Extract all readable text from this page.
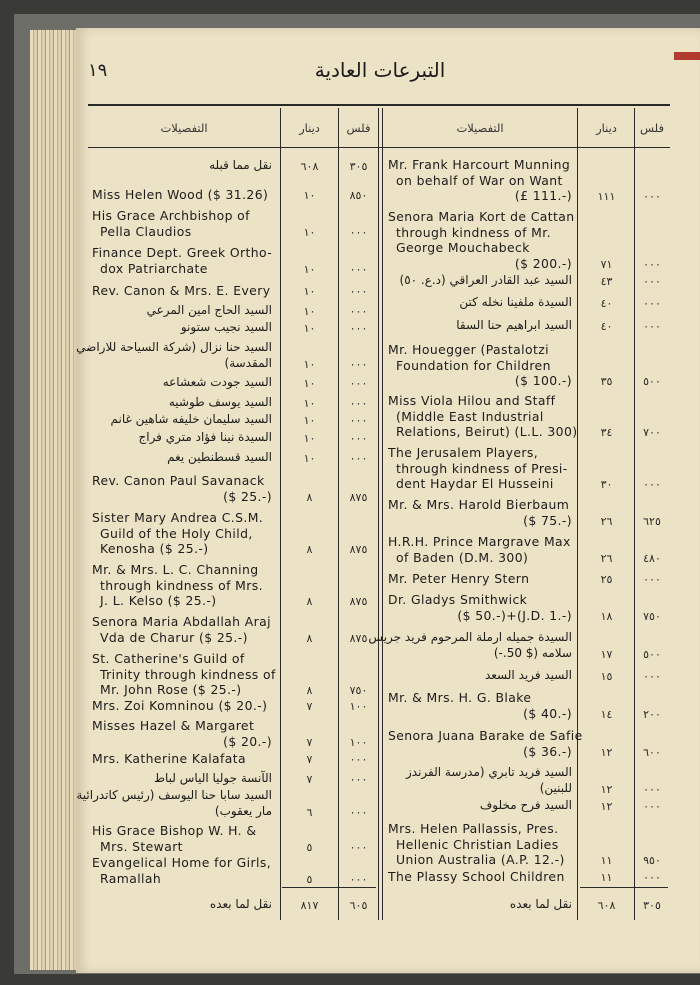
١٩	التبرعات العادية
التفصيلات	دينار	فلس	التفصيلات	دينار	فلس
نقل مما قبله	٦٠٨	٣٠٥
Miss Helen Wood ($ 31.26)	١٠	٨٥٠
His Grace Archbishop of
Pella Claudios	١٠	٠٠٠
Finance Dept. Greek Ortho-
dox Patriarchate	١٠	٠٠٠
Rev. Canon & Mrs. E. Every	١٠	٠٠٠
السيد الحاج امين المرعي	١٠	٠٠٠
السيد نجيب ستونو	١٠	٠٠٠
السيد حنا نزال (شركة السياحة للاراضي
المقدسة)	١٠	٠٠٠
السيد جودت شعشاعه	١٠	٠٠٠
السيد يوسف طوشيه	١٠	٠٠٠
السيد سليمان خليفه شاهين غانم	١٠	٠٠٠
السيدة نينا فؤاد متري فراج	١٠	٠٠٠
السيد قسطنطين يغم	١٠	٠٠٠
Rev. Canon Paul Savanack
($ 25.-)	٨	٨٧٥
Sister Mary Andrea C.S.M.
Guild of the Holy Child,
Kenosha ($ 25.-)	٨	٨٧٥
Mr. & Mrs. L. C. Channing
through kindness of Mrs.
J. L. Kelso ($ 25.-)	٨	٨٧٥
Senora Maria Abdallah Araj
Vda de Charur ($ 25.-)	٨	٨٧٥
St. Catherine's Guild of
Trinity through kindness of
Mr. John Rose ($ 25.-)	٨	٧٥٠
Mrs. Zoi Komninou ($ 20.-)	٧	١٠٠
Misses Hazel & Margaret
($ 20.-)	٧	١٠٠
Mrs. Katherine Kalafata	٧	٠٠٠
الآنسة جوليا الياس لباط	٧	٠٠٠
السيد سابا حنا اليوسف (رئيس كاتدرائية
مار يعقوب)	٦	٠٠٠
His Grace Bishop W. H. &
Mrs. Stewart	٥	٠٠٠
Evangelical Home for Girls,
Ramallah	٥	٠٠٠
نقل لما بعده	٨١٧	٦٠٥
Mr. Frank Harcourt Munning
on behalf of War on Want
(£ 111.-)	١١١	٠٠٠
Senora Maria Kort de Cattan
through kindness of Mr.
George Mouchabeck
($ 200.-)	٧١	٠٠٠
السيد عبد القادر العراقي (د.ع. ٥٠)	٤٣	٠٠٠
السيدة ملفينا نخله كتن	٤٠	٠٠٠
السيد ابراهيم حنا السقا	٤٠	٠٠٠
Mr. Houegger (Pastalotzi
Foundation for Children
($ 100.-)	٣٥	٥٠٠
Miss Viola Hilou and Staff
(Middle East Industrial
Relations, Beirut) (L.L. 300)	٣٤	٧٠٠
The Jerusalem Players,
through kindness of Presi-
dent Haydar El Husseini	٣٠	٠٠٠
Mr. & Mrs. Harold Bierbaum
($ 75.-)	٢٦	٦٢٥
H.R.H. Prince Margrave Max
of Baden (D.M. 300)	٢٦	٤٨٠
Mr. Peter Henry Stern	٢٥	٠٠٠
Dr. Gladys Smithwick
($ 50.-)+(J.D. 1.-)	١٨	٧٥٠
السيدة جميله ارملة المرحوم فريد جريس
سلامه ($ 50.-)	١٧	٥٠٠
السيد فريد السعد	١٥	٠٠٠
Mr. & Mrs. H. G. Blake
($ 40.-)	١٤	٢٠٠
Senora Juana Barake de Safie
($ 36.-)	١٢	٦٠٠
السيد فريد تابري (مدرسة الفرندز
للبنين)	١٢	٠٠٠
السيد فرح مخلوف	١٢	٠٠٠
Mrs. Helen Pallassis, Pres.
Hellenic Christian Ladies
Union Australia (A.P. 12.-)	١١	٩٥٠
The Plassy School Children	١١	٠٠٠
نقل لما بعده	٦٠٨	٣٠٥
